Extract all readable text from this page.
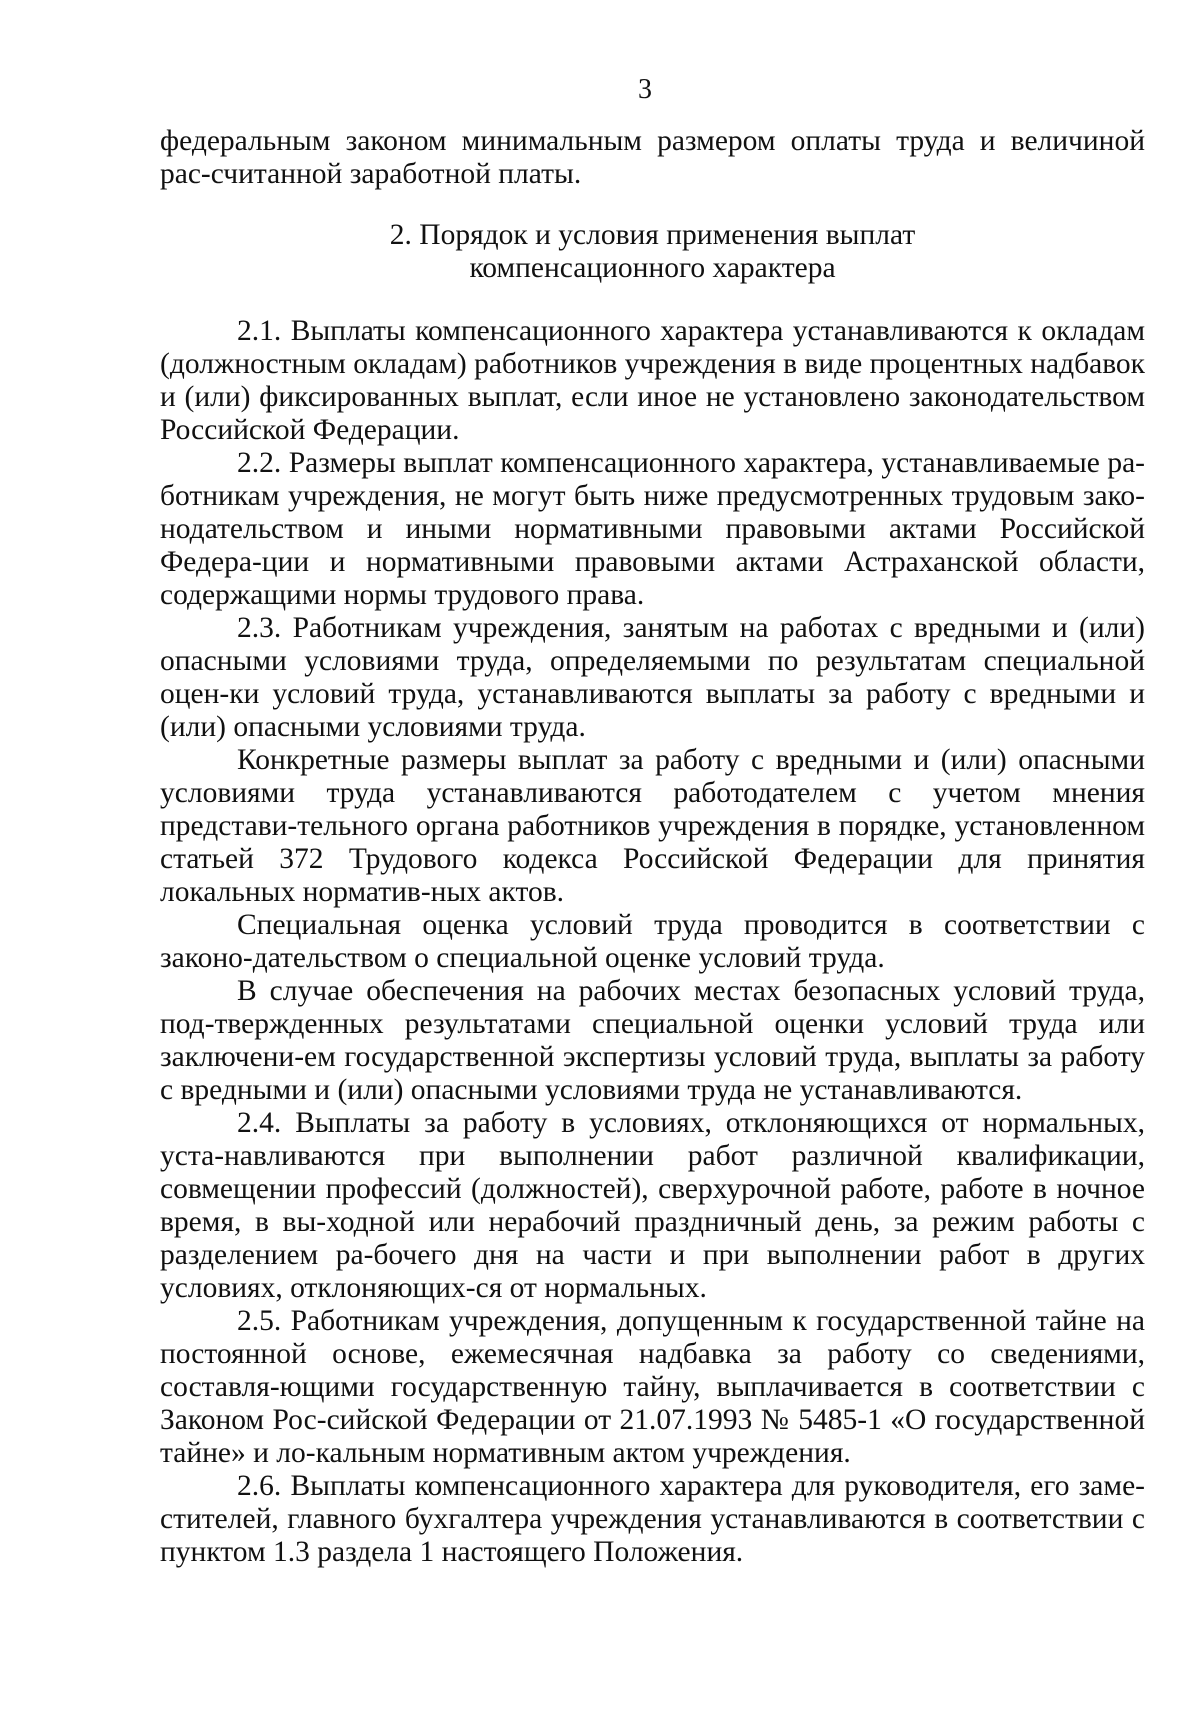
3

федеральным законом минимальным размером оплаты труда и величиной рас-считанной заработной платы.

2. Порядок и условия применения выплат
компенсационного характера

2.1. Выплаты компенсационного характера устанавливаются к окладам (должностным окладам) работников учреждения в виде процентных надбавок и (или) фиксированных выплат, если иное не установлено законодательством Российской Федерации.

2.2. Размеры выплат компенсационного характера, устанавливаемые ра-ботникам учреждения, не могут быть ниже предусмотренных трудовым зако-нодательством и иными нормативными правовыми актами Российской Федера-ции и нормативными правовыми актами Астраханской области, содержащими нормы трудового права.

2.3. Работникам учреждения, занятым на работах с вредными и (или) опасными условиями труда, определяемыми по результатам специальной оцен-ки условий труда, устанавливаются выплаты за работу с вредными и (или) опасными условиями труда.

Конкретные размеры выплат за работу с вредными и (или) опасными условиями труда устанавливаются работодателем с учетом мнения представи-тельного органа работников учреждения в порядке, установленном статьей 372 Трудового кодекса Российской Федерации для принятия локальных норматив-ных актов.

Специальная оценка условий труда проводится в соответствии с законо-дательством о специальной оценке условий труда.

В случае обеспечения на рабочих местах безопасных условий труда, под-твержденных результатами специальной оценки условий труда или заключени-ем государственной экспертизы условий труда, выплаты за работу с вредными и (или) опасными условиями труда не устанавливаются.

2.4. Выплаты за работу в условиях, отклоняющихся от нормальных, уста-навливаются при выполнении работ различной квалификации, совмещении профессий (должностей), сверхурочной работе, работе в ночное время, в вы-ходной или нерабочий праздничный день, за режим работы с разделением ра-бочего дня на части и при выполнении работ в других условиях, отклоняющих-ся от нормальных.

2.5. Работникам учреждения, допущенным к государственной тайне на постоянной основе, ежемесячная надбавка за работу со сведениями, составля-ющими государственную тайну, выплачивается в соответствии с Законом Рос-сийской Федерации от 21.07.1993 № 5485-1 «О государственной тайне» и ло-кальным нормативным актом учреждения.

2.6. Выплаты компенсационного характера для руководителя, его заме-стителей, главного бухгалтера учреждения устанавливаются в соответствии с пунктом 1.3 раздела 1 настоящего Положения.
